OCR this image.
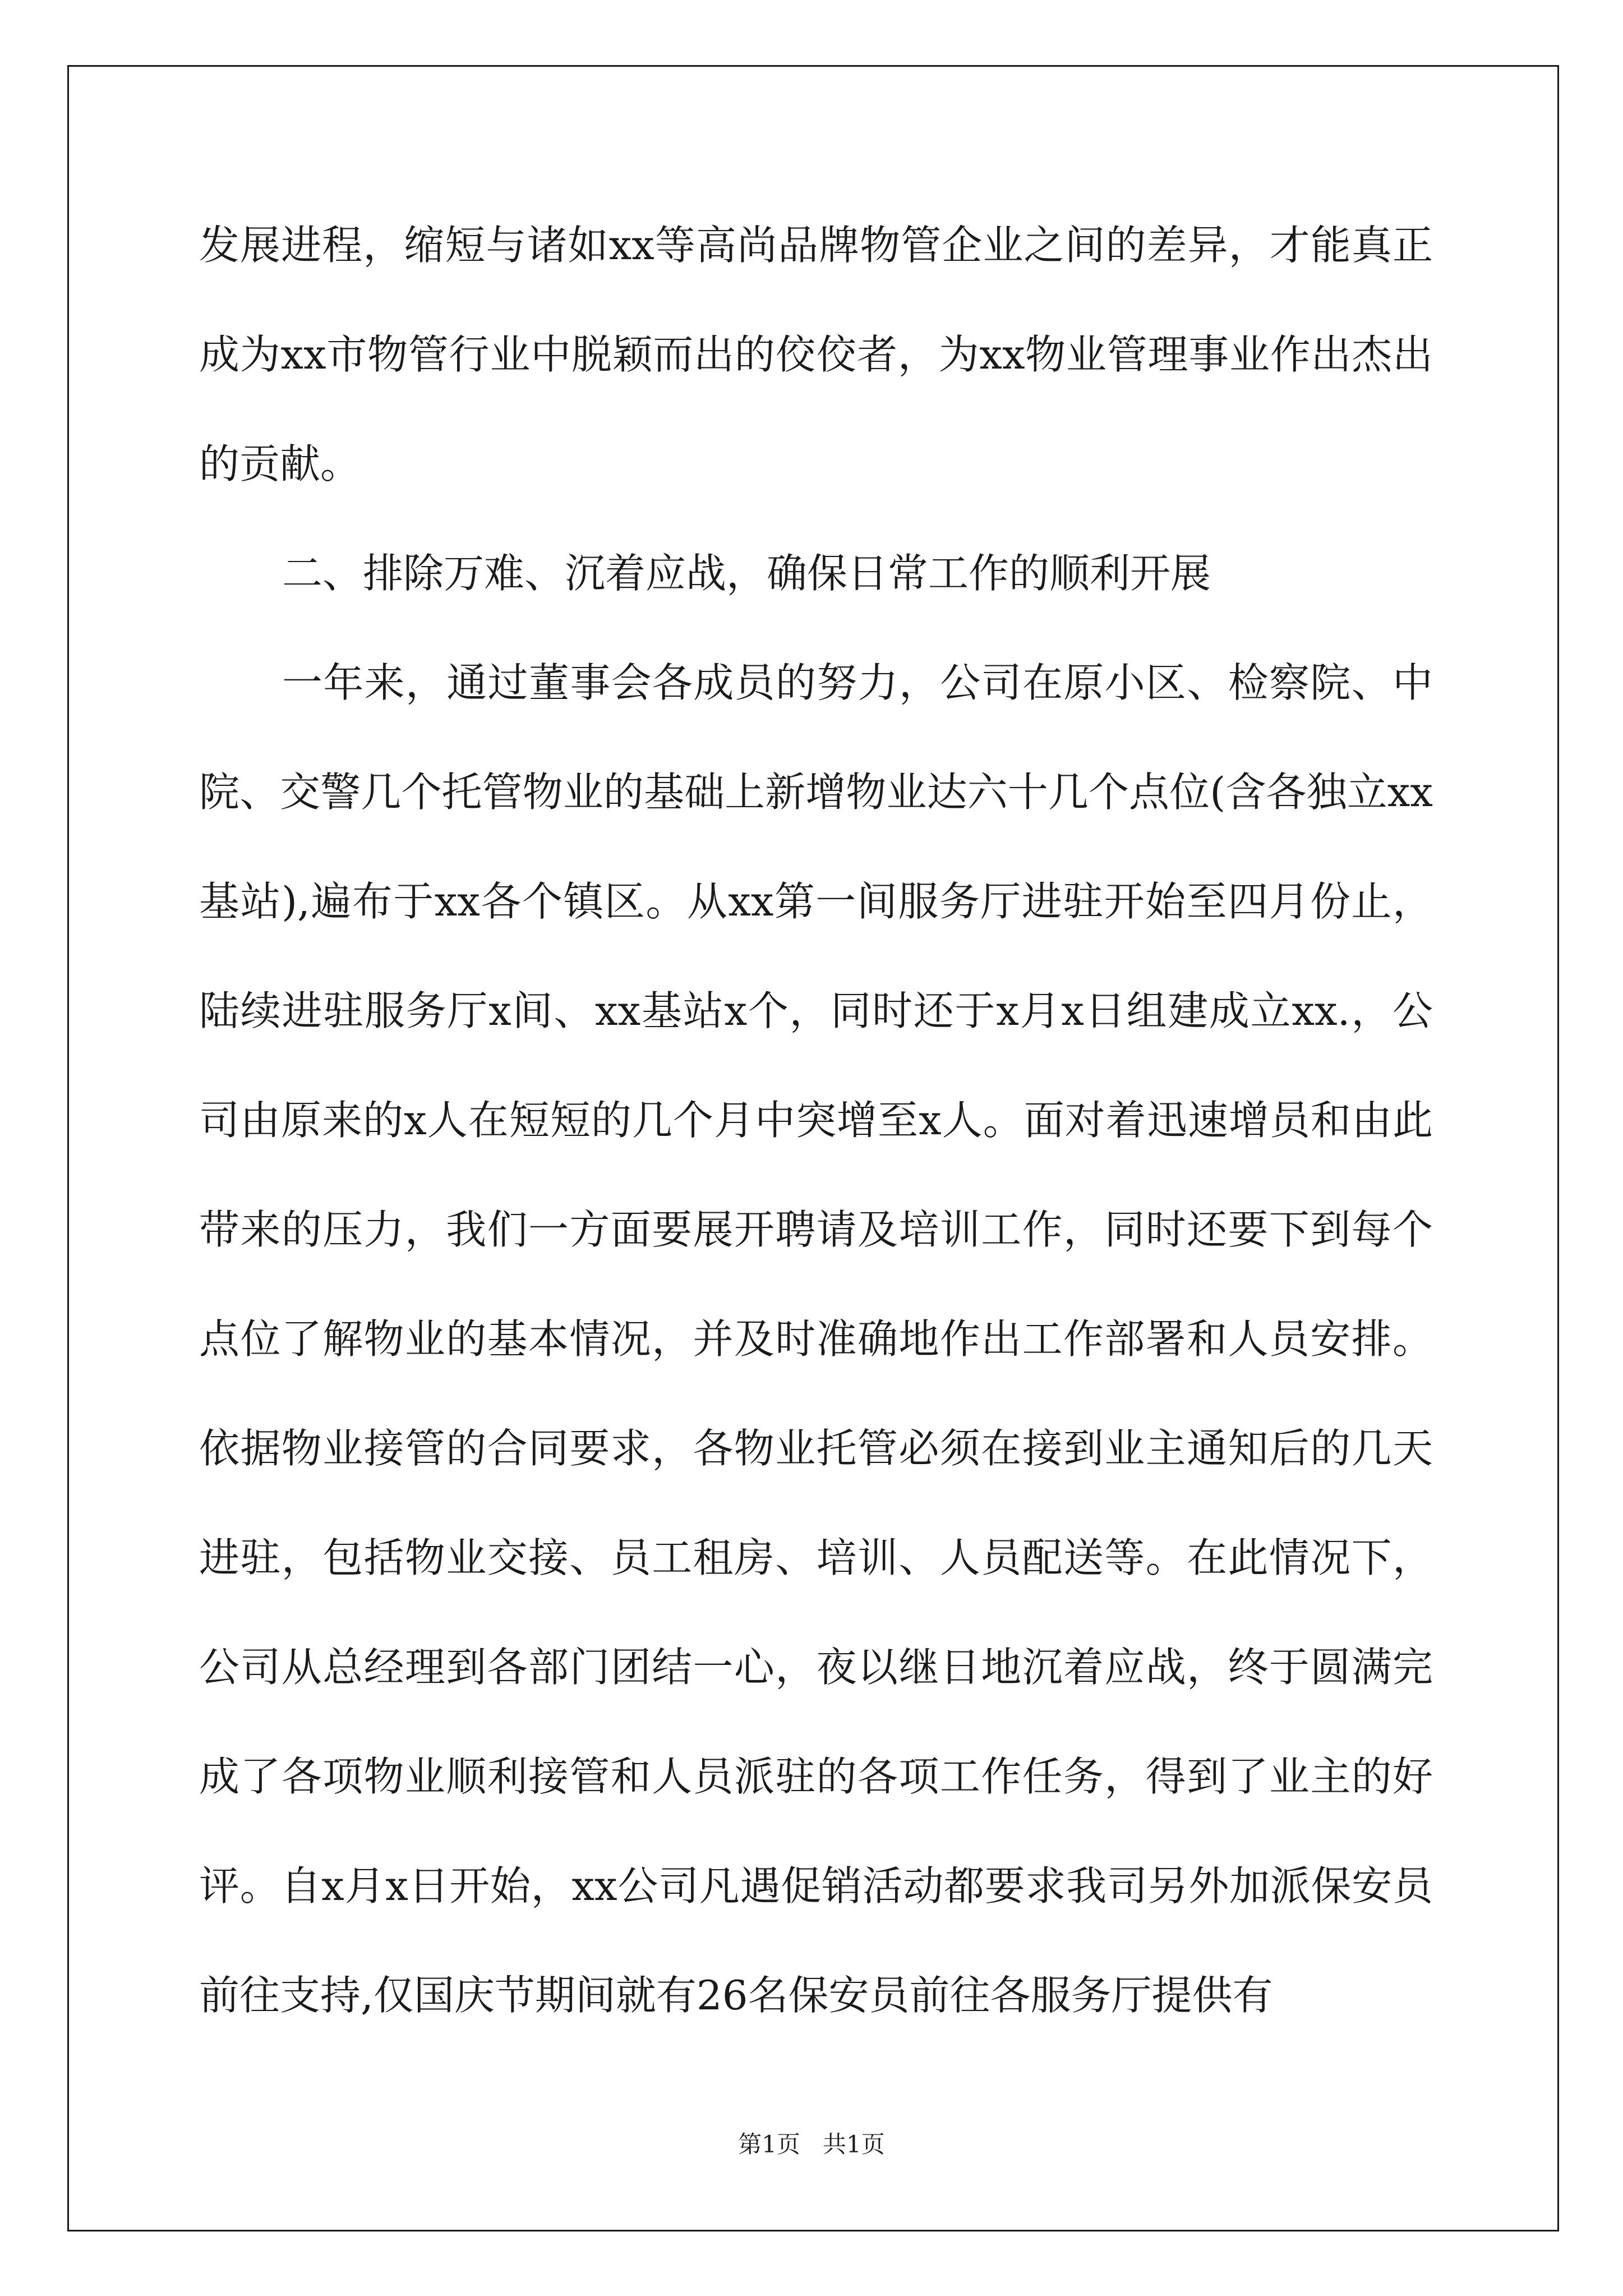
发展进程，缩短与诸如xx等高尚品牌物管企业之间的差异，才能真正成为xx市物管行业中脱颖而出的佼佼者，为xx物业管理事业作出杰出的贡献。

二、排除万难、沉着应战，确保日常工作的顺利开展

一年来，通过董事会各成员的努力，公司在原小区、检察院、中院、交警几个托管物业的基础上新增物业达六十几个点位(含各独立xx基站),遍布于xx各个镇区。从xx第一间服务厅进驻开始至四月份止，陆续进驻服务厅x间、xx基站x个，同时还于x月x日组建成立xx.，公司由原来的x人在短短的几个月中突增至x人。面对着迅速增员和由此带来的压力，我们一方面要展开聘请及培训工作，同时还要下到每个点位了解物业的基本情况，并及时准确地作出工作部署和人员安排。依据物业接管的合同要求，各物业托管必须在接到业主通知后的几天进驻，包括物业交接、员工租房、培训、人员配送等。在此情况下，公司从总经理到各部门团结一心，夜以继日地沉着应战，终于圆满完成了各项物业顺利接管和人员派驻的各项工作任务，得到了业主的好评。自x月x日开始，xx公司凡遇促销活动都要求我司另外加派保安员前往支持,仅国庆节期间就有26名保安员前往各服务厅提供有

第1页   共1页
